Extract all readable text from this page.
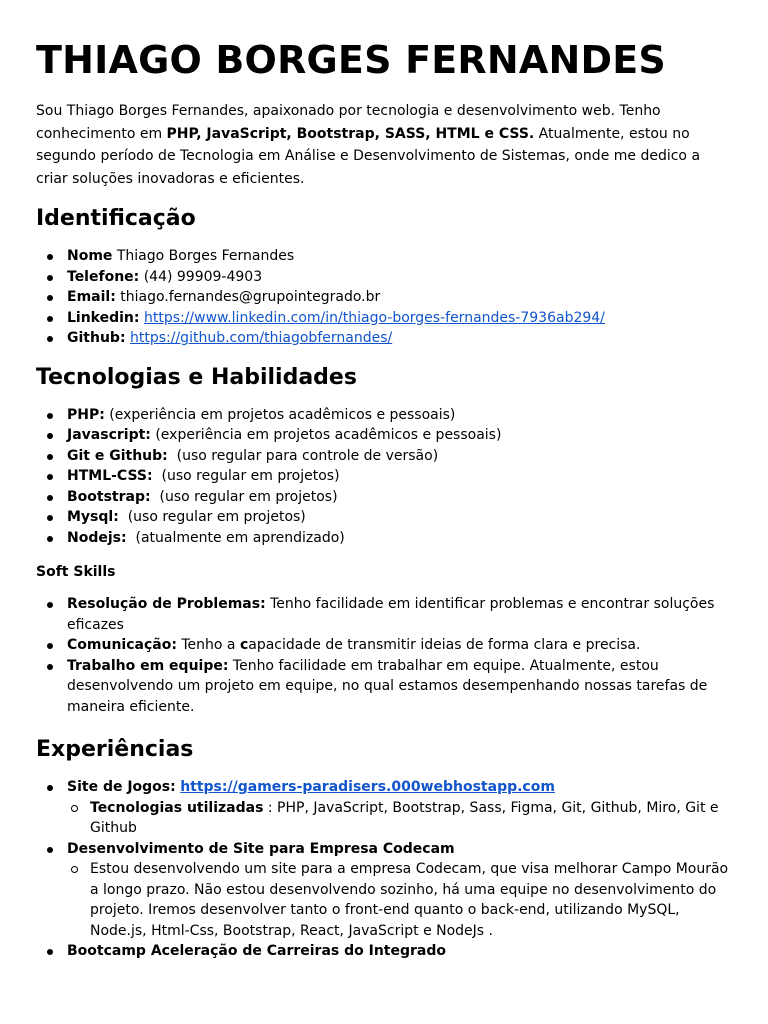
THIAGO BORGES FERNANDES

Sou Thiago Borges Fernandes, apaixonado por tecnologia e desenvolvimento web. Tenho conhecimento em PHP, JavaScript, Bootstrap, SASS, HTML e CSS. Atualmente, estou no segundo período de Tecnologia em Análise e Desenvolvimento de Sistemas, onde me dedico a criar soluções inovadoras e eficientes.

Identificação
Nome Thiago Borges Fernandes
Telefone: (44) 99909-4903
Email: thiago.fernandes@grupointegrado.br
Linkedin: https://www.linkedin.com/in/thiago-borges-fernandes-7936ab294/
Github: https://github.com/thiagobfernandes/
Tecnologias e Habilidades
PHP: (experiência em projetos acadêmicos e pessoais)
Javascript: (experiência em projetos acadêmicos e pessoais)
Git e Github:  (uso regular para controle de versão)
HTML-CSS:  (uso regular em projetos)
Bootstrap:  (uso regular em projetos)
Mysql:  (uso regular em projetos)
Nodejs:  (atualmente em aprendizado)
Soft Skills
Resolução de Problemas: Tenho facilidade em identificar problemas e encontrar soluções eficazes
Comunicação: Tenho a capacidade de transmitir ideias de forma clara e precisa.
Trabalho em equipe: Tenho facilidade em trabalhar em equipe. Atualmente, estou desenvolvendo um projeto em equipe, no qual estamos desempenhando nossas tarefas de maneira eficiente.
Experiências
Site de Jogos: https://gamers-paradisers.000webhostapp.com
Tecnologias utilizadas : PHP, JavaScript, Bootstrap, Sass, Figma, Git, Github, Miro, Git e Github
Desenvolvimento de Site para Empresa Codecam
Estou desenvolvendo um site para a empresa Codecam, que visa melhorar Campo Mourão a longo prazo. Não estou desenvolvendo sozinho, há uma equipe no desenvolvimento do projeto. Iremos desenvolver tanto o front-end quanto o back-end, utilizando MySQL, Node.js, Html-Css, Bootstrap, React, JavaScript e NodeJs .
Bootcamp Aceleração de Carreiras do Integrado
